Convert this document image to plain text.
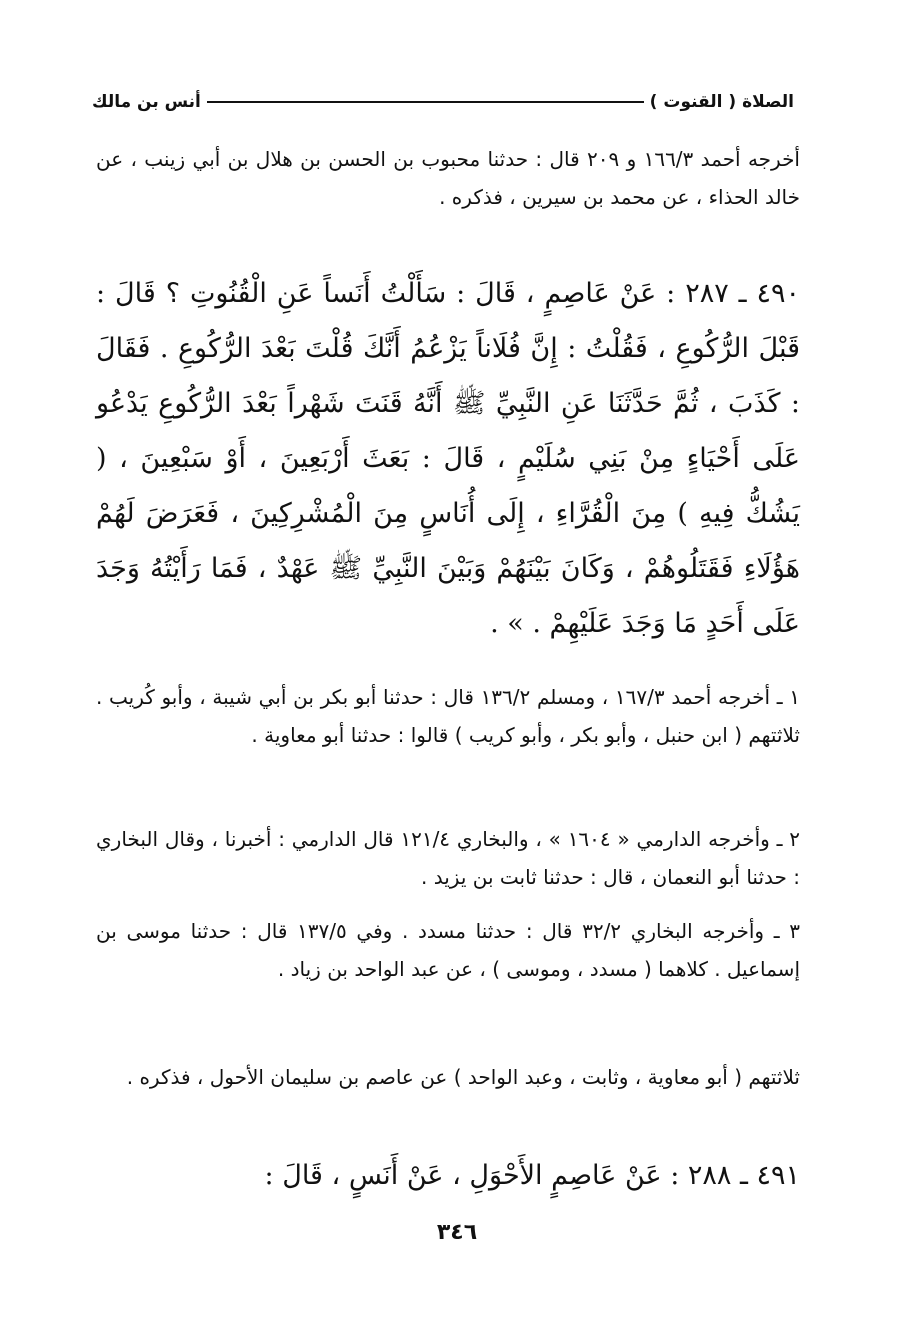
الصلاة ( القنوت )
أنس بن مالك

أخرجه أحمد ١٦٦/٣ و ٢٠٩ قال : حدثنا محبوب بن الحسن بن هلال بن أبي زينب ، عن خالد الحذاء ، عن محمد بن سيرين ، فذكره .

٤٩٠ ـ ٢٨٧ : عَنْ عَاصِمٍ ، قَالَ : سَأَلْتُ أَنَساً عَنِ الْقُنُوتِ ؟ قَالَ : قَبْلَ الرُّكُوعِ ، فَقُلْتُ : إِنَّ فُلَاناً يَزْعُمُ أَنَّكَ قُلْتَ بَعْدَ الرُّكُوعِ . فَقَالَ : كَذَبَ ، ثُمَّ حَدَّثَنَا عَنِ النَّبِيِّ ﷺ أَنَّهُ قَنَتَ شَهْراً بَعْدَ الرُّكُوعِ يَدْعُو عَلَى أَحْيَاءٍ مِنْ بَنِي سُلَيْمٍ ، قَالَ : بَعَثَ أَرْبَعِينَ ، أَوْ سَبْعِينَ ، ( يَشُكُّ فِيهِ ) مِنَ الْقُرَّاءِ ، إِلَى أُنَاسٍ مِنَ الْمُشْرِكِينَ ، فَعَرَضَ لَهُمْ هَؤُلَاءِ فَقَتَلُوهُمْ ، وَكَانَ بَيْنَهُمْ وَبَيْنَ النَّبِيِّ ﷺ عَهْدٌ ، فَمَا رَأَيْتُهُ وَجَدَ عَلَى أَحَدٍ مَا وَجَدَ عَلَيْهِمْ . » .

١ ـ أخرجه أحمد ١٦٧/٣ ، ومسلم ١٣٦/٢ قال : حدثنا أبو بكر بن أبي شيبة ، وأبو كُريب . ثلاثتهم ( ابن حنبل ، وأبو بكر ، وأبو كريب ) قالوا : حدثنا أبو معاوية .

٢ ـ وأخرجه الدارمي « ١٦٠٤ » ، والبخاري ١٢١/٤ قال الدارمي : أخبرنا ، وقال البخاري : حدثنا أبو النعمان ، قال : حدثنا ثابت بن يزيد .

٣ ـ وأخرجه البخاري ٣٢/٢ قال : حدثنا مسدد . وفي ١٣٧/٥ قال : حدثنا موسى بن إسماعيل . كلاهما ( مسدد ، وموسى ) ، عن عبد الواحد بن زياد .

ثلاثتهم ( أبو معاوية ، وثابت ، وعبد الواحد ) عن عاصم بن سليمان الأحول ، فذكره .

٤٩١ ـ ٢٨٨ : عَنْ عَاصِمٍ الأَحْوَلِ ، عَنْ أَنَسٍ ، قَالَ :

٣٤٦
